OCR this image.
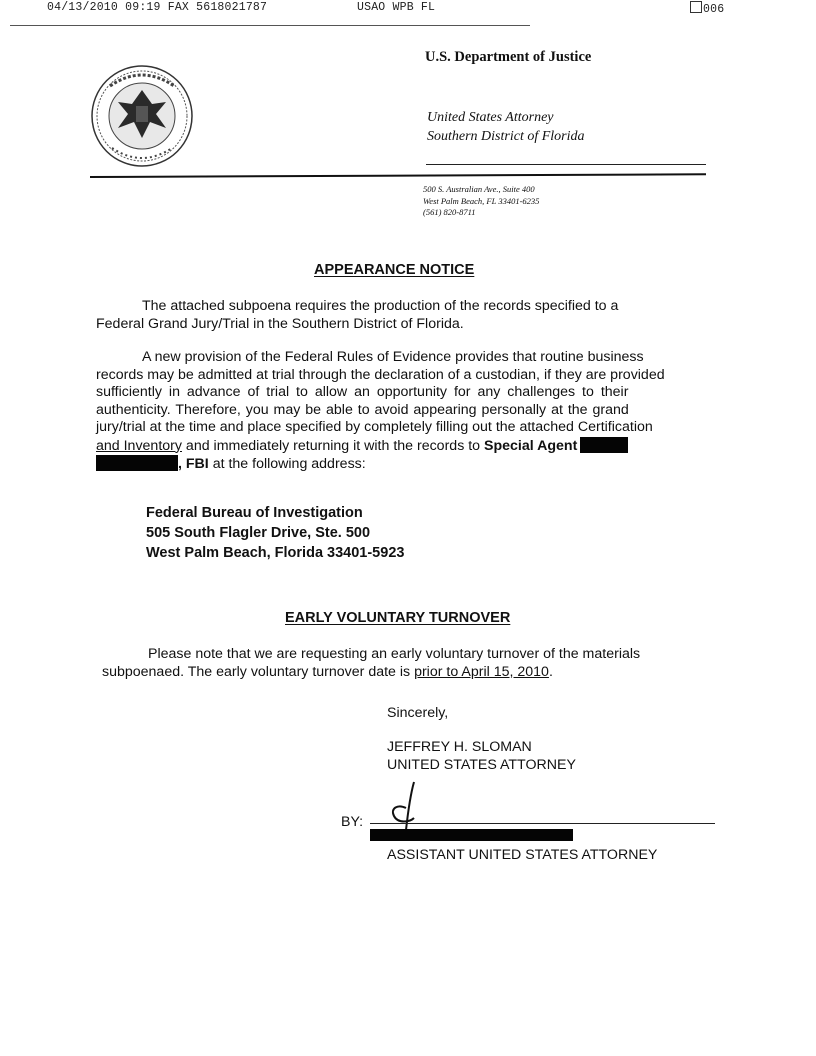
04/13/2010 09:19 FAX 5618021787	USAO WPB FL	006
U.S. Department of Justice
United States Attorney
Southern District of Florida
500 S. Australian Ave., Suite 400
West Palm Beach, FL 33401-6235
(561) 820-8711
APPEARANCE NOTICE

The attached subpoena requires the production of the records specified to a

Federal Grand Jury/Trial in the Southern District of Florida.

A new provision of the Federal Rules of Evidence provides that routine business

records may be admitted at trial through the declaration of a custodian, if they are provided

sufficiently in advance of trial to allow an opportunity for any challenges to their

authenticity. Therefore, you may be able to avoid appearing personally at the grand

jury/trial at the time and place specified by completely filling out the attached Certification

and Inventory and immediately returning it with the records to Special Agent

, FBI at the following address:

Federal Bureau of Investigation
505 South Flagler Drive, Ste. 500
West Palm Beach, Florida 33401-5923
EARLY VOLUNTARY TURNOVER

Please note that we are requesting an early voluntary turnover of the materials

subpoenaed. The early voluntary turnover date is prior to April 15, 2010.

Sincerely,
JEFFREY H. SLOMAN
UNITED STATES ATTORNEY
BY:
ASSISTANT UNITED STATES ATTORNEY
